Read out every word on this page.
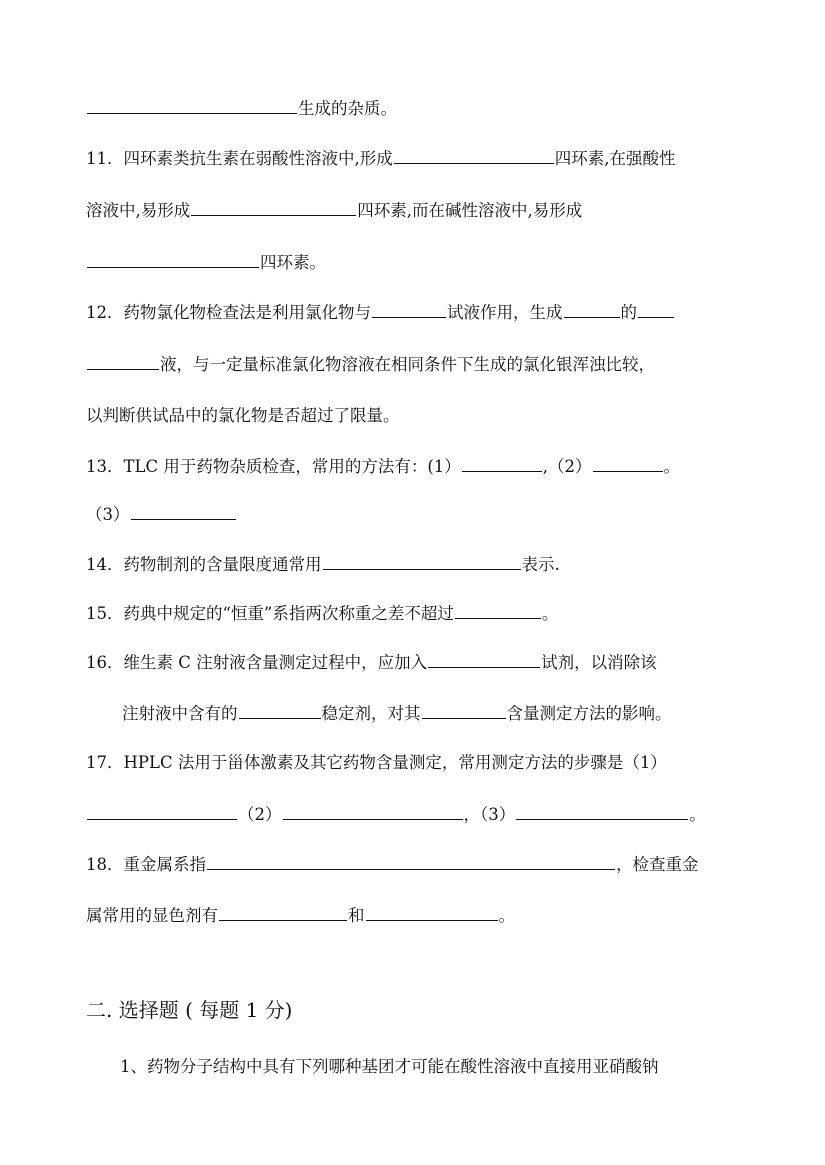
生成的杂质。
11．四环素类抗生素在弱酸性溶液中,形成	四环素,在强酸性
溶液中,易形成	四环素,而在碱性溶液中,易形成
四环素。
12．药物氯化物检查法是利用氯化物与	试液作用，生成	的
液，与一定量标准氯化物溶液在相同条件下生成的氯化银浑浊比较，
以判断供试品中的氯化物是否超过了限量。
13．TLC 用于药物杂质检查，常用的方法有：(1）	,（2）	。
（3）
14．药物制剂的含量限度通常用	表示.
15．药典中规定的“恒重”系指两次称重之差不超过	。
16．维生素 C 注射液含量测定过程中，应加入	试剂，以消除该
注射液中含有的	稳定剂，对其	含量测定方法的影响。
17．HPLC 法用于甾体激素及其它药物含量测定，常用测定方法的步骤是（1）
（2）	，（3）	。
18．重金属系指	，检查重金
属常用的显色剂有	和	。
二. 选择题 ( 每题 1 分)
1、药物分子结构中具有下列哪种基团才可能在酸性溶液中直接用亚硝酸钠
